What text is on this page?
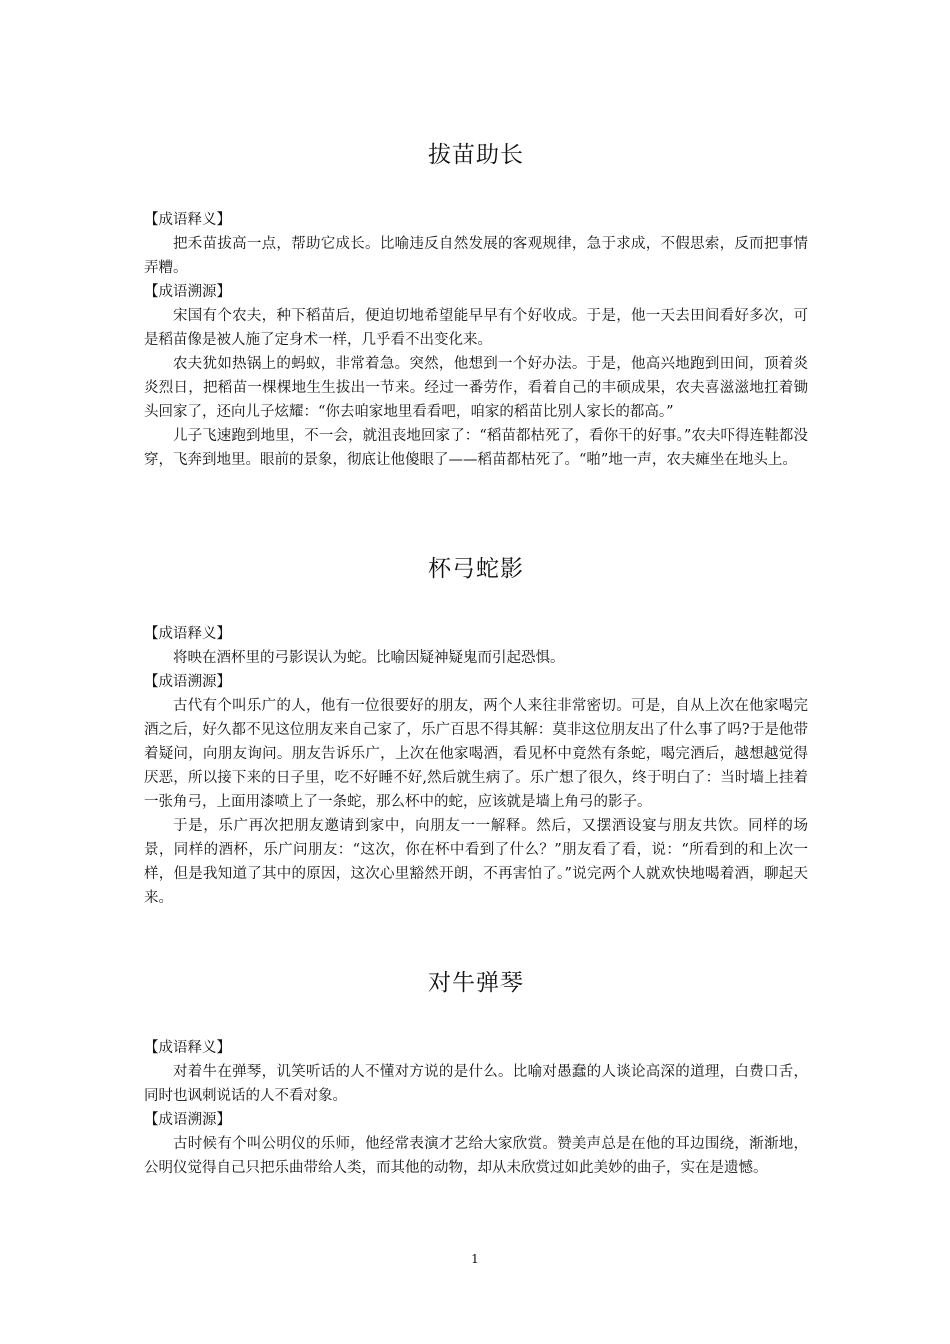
拔苗助长

【成语释义】

把禾苗拔高一点，帮助它成长。比喻违反自然发展的客观规律，急于求成，不假思索，反而把事情弄糟。

【成语溯源】

宋国有个农夫，种下稻苗后，便迫切地希望能早早有个好收成。于是，他一天去田间看好多次，可是稻苗像是被人施了定身术一样，几乎看不出变化来。

农夫犹如热锅上的蚂蚁，非常着急。突然，他想到一个好办法。于是，他高兴地跑到田间，顶着炎炎烈日，把稻苗一棵棵地生生拔出一节来。经过一番劳作，看着自己的丰硕成果，农夫喜滋滋地扛着锄头回家了，还向儿子炫耀：“你去咱家地里看看吧，咱家的稻苗比别人家长的都高。”

儿子飞速跑到地里，不一会，就沮丧地回家了：“稻苗都枯死了，看你干的好事。”农夫吓得连鞋都没穿，飞奔到地里。眼前的景象，彻底让他傻眼了——稻苗都枯死了。“啪”地一声，农夫瘫坐在地头上。

杯弓蛇影

【成语释义】

将映在酒杯里的弓影误认为蛇。比喻因疑神疑鬼而引起恐惧。

【成语溯源】

古代有个叫乐广的人，他有一位很要好的朋友，两个人来往非常密切。可是，自从上次在他家喝完酒之后，好久都不见这位朋友来自己家了，乐广百思不得其解：莫非这位朋友出了什么事了吗?于是他带着疑问，向朋友询问。朋友告诉乐广，上次在他家喝酒，看见杯中竟然有条蛇，喝完酒后，越想越觉得厌恶，所以接下来的日子里，吃不好睡不好,然后就生病了。乐广想了很久，终于明白了：当时墙上挂着一张角弓，上面用漆喷上了一条蛇，那么杯中的蛇，应该就是墙上角弓的影子。

于是，乐广再次把朋友邀请到家中，向朋友一一解释。然后，又摆酒设宴与朋友共饮。同样的场景，同样的酒杯，乐广问朋友：“这次，你在杯中看到了什么？”朋友看了看，说：“所看到的和上次一样，但是我知道了其中的原因，这次心里豁然开朗，不再害怕了。”说完两个人就欢快地喝着酒，聊起天来。

对牛弹琴

【成语释义】

对着牛在弹琴，讥笑听话的人不懂对方说的是什么。比喻对愚蠢的人谈论高深的道理，白费口舌，同时也讽刺说话的人不看对象。

【成语溯源】

古时候有个叫公明仪的乐师，他经常表演才艺给大家欣赏。赞美声总是在他的耳边围绕，渐渐地，公明仪觉得自己只把乐曲带给人类，而其他的动物，却从未欣赏过如此美妙的曲子，实在是遗憾。

1
